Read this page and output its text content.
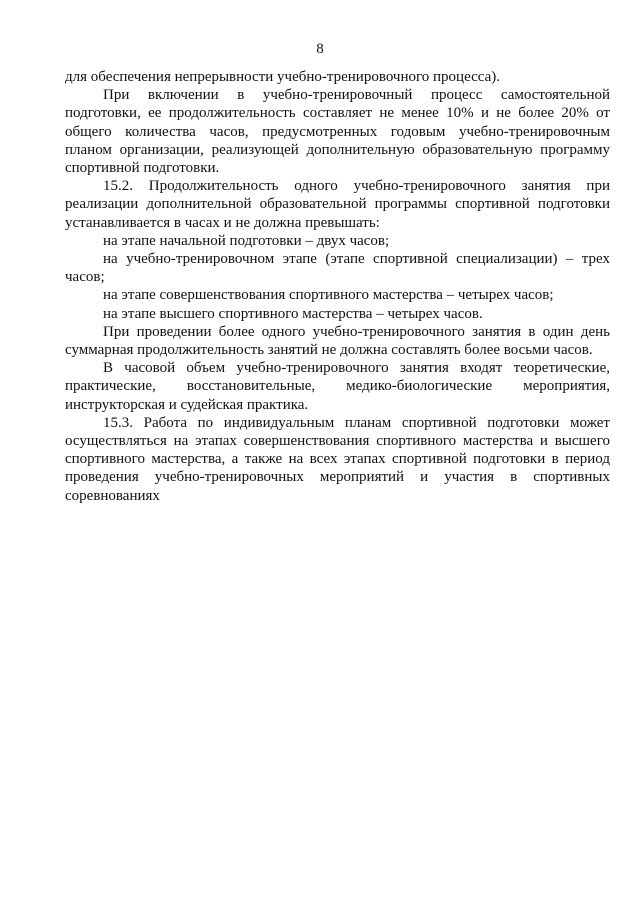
8

для обеспечения непрерывности учебно-тренировочного процесса).

При включении в учебно-тренировочный процесс самостоятельной подготовки, ее продолжительность составляет не менее 10% и не более 20% от общего количества часов, предусмотренных годовым учебно-тренировочным планом организации, реализующей дополнительную образовательную программу спортивной подготовки.

15.2. Продолжительность одного учебно-тренировочного занятия при реализации дополнительной образовательной программы спортивной подготовки устанавливается в часах и не должна превышать:

на этапе начальной подготовки – двух часов;

на учебно-тренировочном этапе (этапе спортивной специализации) – трех часов;

на этапе совершенствования спортивного мастерства – четырех часов;

на этапе высшего спортивного мастерства – четырех часов.

При проведении более одного учебно-тренировочного занятия в один день суммарная продолжительность занятий не должна составлять более восьми часов.

В часовой объем учебно-тренировочного занятия входят теоретические, практические, восстановительные, медико-биологические мероприятия, инструкторская и судейская практика.

15.3. Работа по индивидуальным планам спортивной подготовки может осуществляться на этапах совершенствования спортивного мастерства и высшего спортивного мастерства, а также на всех этапах спортивной подготовки в период проведения учебно-тренировочных мероприятий и участия в спортивных соревнованиях
